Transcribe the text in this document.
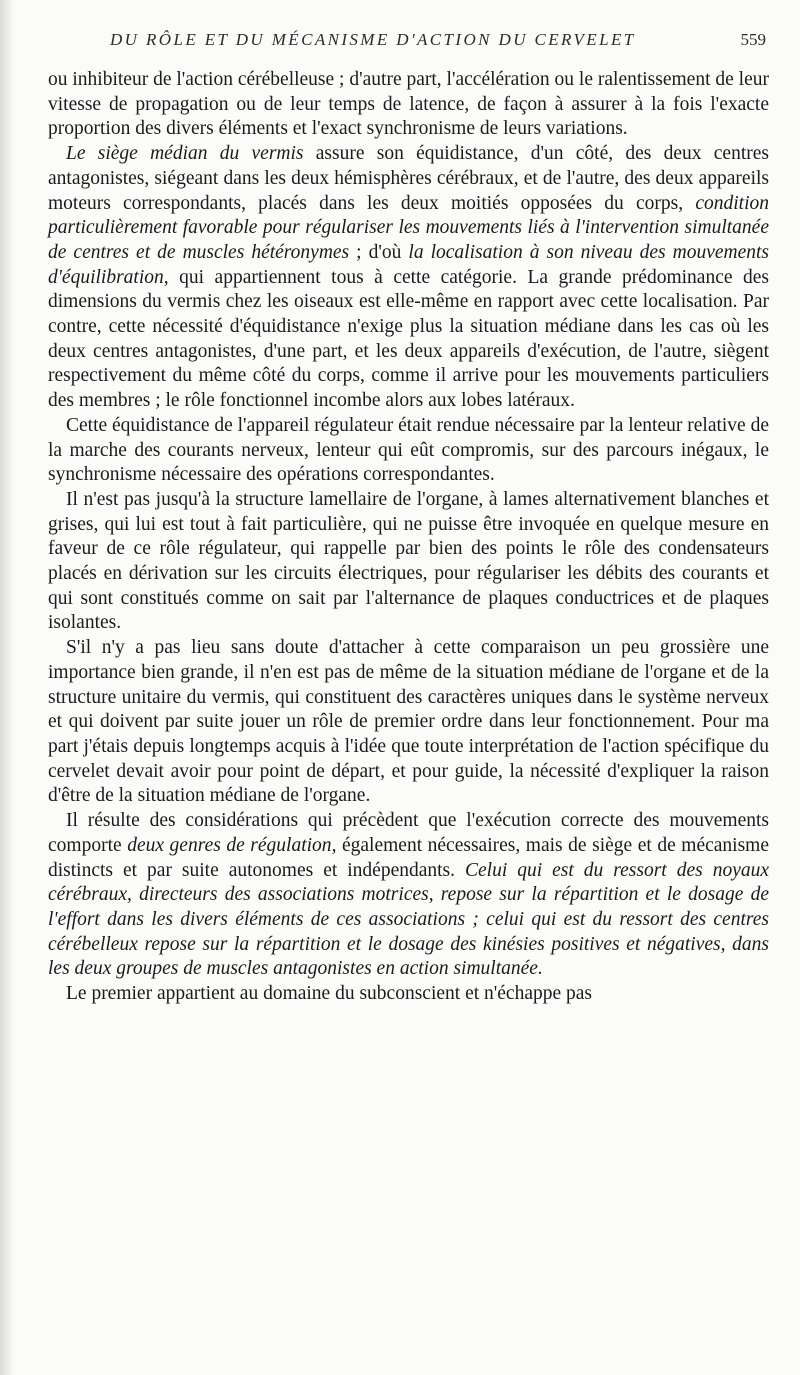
DU RÔLE ET DU MÉCANISME D'ACTION DU CERVELET	559

ou inhibiteur de l'action cérébelleuse ; d'autre part, l'accélération ou le ralentissement de leur vitesse de propagation ou de leur temps de latence, de façon à assurer à la fois l'exacte proportion des divers éléments et l'exact synchronisme de leurs variations.

Le siège médian du vermis assure son équidistance, d'un côté, des deux centres antagonistes, siégeant dans les deux hémisphères cérébraux, et de l'autre, des deux appareils moteurs correspondants, placés dans les deux moitiés opposées du corps, condition particulièrement favorable pour régulariser les mouvements liés à l'intervention simultanée de centres et de muscles hétéronymes ; d'où la localisation à son niveau des mouvements d'équilibration, qui appartiennent tous à cette catégorie. La grande prédominance des dimensions du vermis chez les oiseaux est elle-même en rapport avec cette localisation. Par contre, cette nécessité d'équidistance n'exige plus la situation médiane dans les cas où les deux centres antagonistes, d'une part, et les deux appareils d'exécution, de l'autre, siègent respectivement du même côté du corps, comme il arrive pour les mouvements particuliers des membres ; le rôle fonctionnel incombe alors aux lobes latéraux.

Cette équidistance de l'appareil régulateur était rendue nécessaire par la lenteur relative de la marche des courants nerveux, lenteur qui eût compromis, sur des parcours inégaux, le synchronisme nécessaire des opérations correspondantes.

Il n'est pas jusqu'à la structure lamellaire de l'organe, à lames alternativement blanches et grises, qui lui est tout à fait particulière, qui ne puisse être invoquée en quelque mesure en faveur de ce rôle régulateur, qui rappelle par bien des points le rôle des condensateurs placés en dérivation sur les circuits électriques, pour régulariser les débits des courants et qui sont constitués comme on sait par l'alternance de plaques conductrices et de plaques isolantes.

S'il n'y a pas lieu sans doute d'attacher à cette comparaison un peu grossière une importance bien grande, il n'en est pas de même de la situation médiane de l'organe et de la structure unitaire du vermis, qui constituent des caractères uniques dans le système nerveux et qui doivent par suite jouer un rôle de premier ordre dans leur fonctionnement. Pour ma part j'étais depuis longtemps acquis à l'idée que toute interprétation de l'action spécifique du cervelet devait avoir pour point de départ, et pour guide, la nécessité d'expliquer la raison d'être de la situation médiane de l'organe.

Il résulte des considérations qui précèdent que l'exécution correcte des mouvements comporte deux genres de régulation, également nécessaires, mais de siège et de mécanisme distincts et par suite autonomes et indépendants. Celui qui est du ressort des noyaux cérébraux, directeurs des associations motrices, repose sur la répartition et le dosage de l'effort dans les divers éléments de ces associations ; celui qui est du ressort des centres cérébelleux repose sur la répartition et le dosage des kinésies positives et négatives, dans les deux groupes de muscles antagonistes en action simultanée.

Le premier appartient au domaine du subconscient et n'échappe pas
